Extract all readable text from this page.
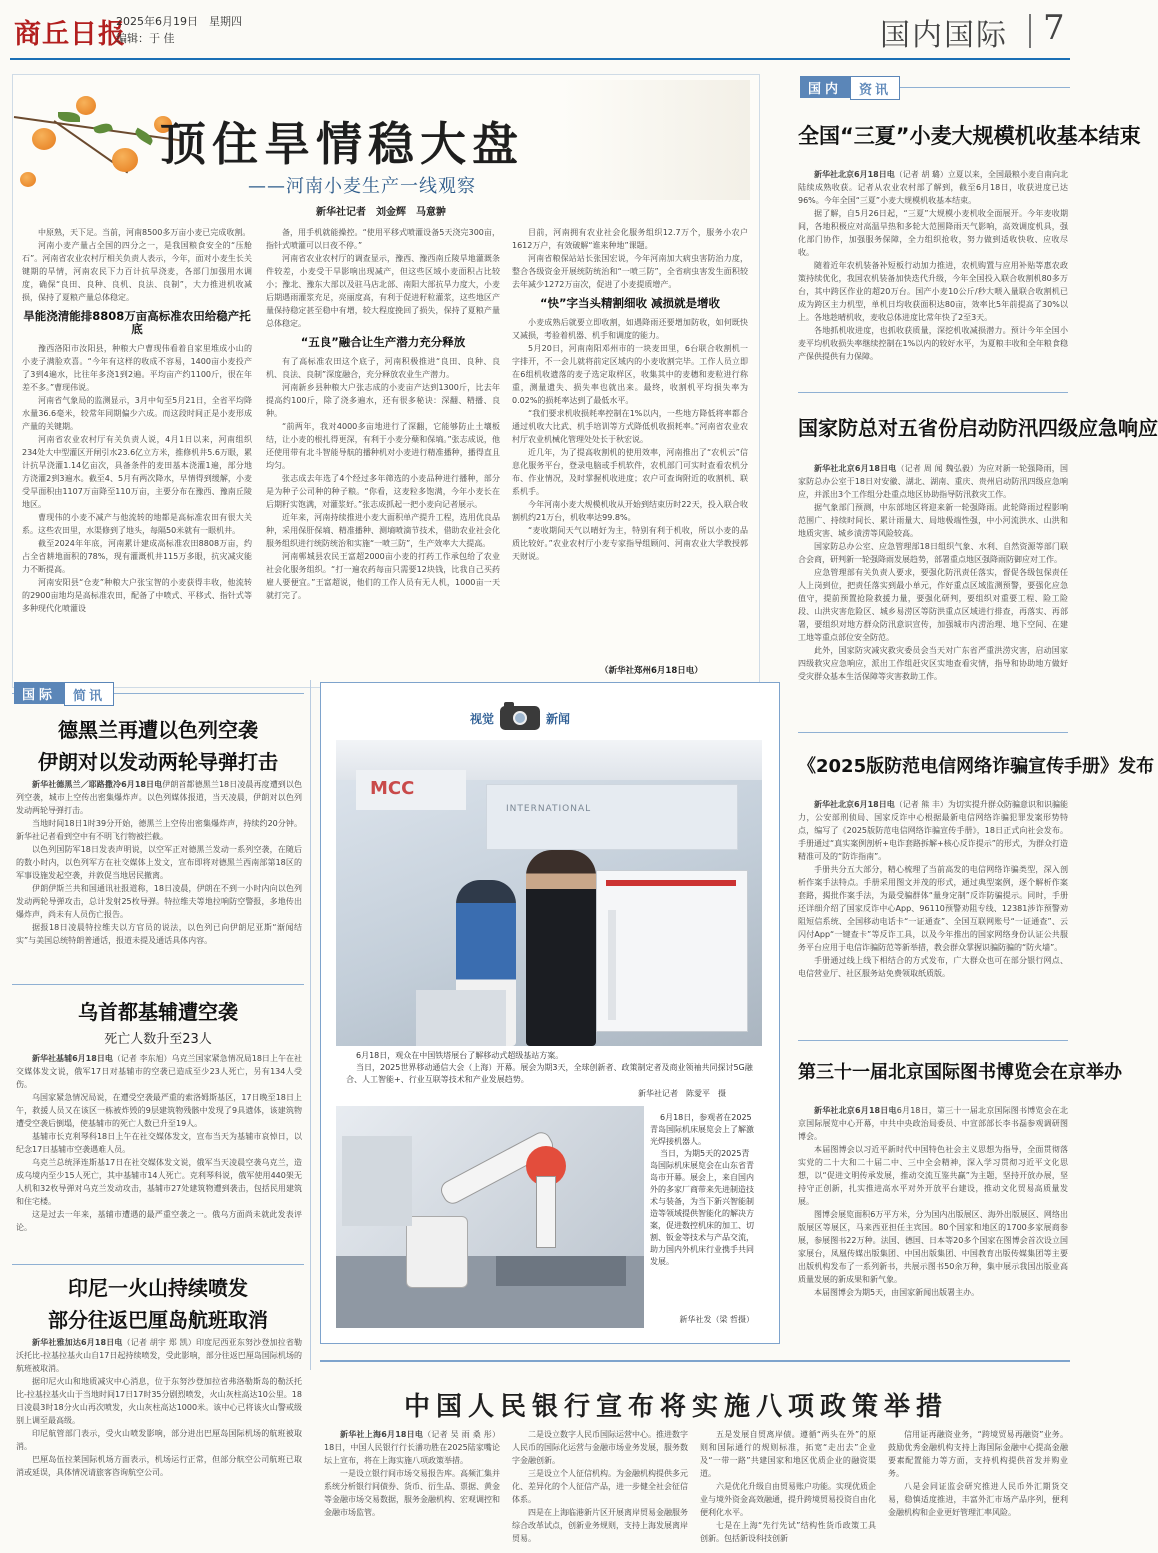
商丘日报
2025年6月19日　星期四
编辑：于 佳	国内国际 7
顶住旱情稳大盘
——河南小麦生产一线观察
新华社记者　刘金辉　马意翀

中原熟，天下足。当前，河南8500多万亩小麦已完成收割。

河南小麦产量占全国的四分之一，是我国粮食安全的“压舱石”。河南省农业农村厅相关负责人表示，今年，面对小麦生长关键期的旱情，河南农民下力百计抗旱浇麦，各部门加强用水调度，确保“良田、良种、良机、良法、良制”，大力推进机收减损，保持了夏粮产量总体稳定。

旱能浇清能排8808万亩高标准农田给稳产托底

豫西洛阳市汝阳县，种粮大户曹现伟看着自家里堆成小山的小麦子满脸欢喜。“今年有这样的收成不容易，1400亩小麦投产了3到4遍水，比往年多浇1到2遍。平均亩产约1100斤，很在年差不多。”曹现伟说。

河南省气象局的监测显示，3月中旬至5月21日，全省平均降水量36.6毫米，较常年同期偏少六成。而这段时间正是小麦形成产量的关键期。

河南省农业农村厅有关负责人说，4月1日以来，河南组织234处大中型灌区开闸引水23.6亿立方米，推修机井5.6万眼，累计抗旱浇灌1.14亿亩次，具备条件的麦田基本浇灌1遍，部分地方浇灌2到3遍水。截至4、5月有两次降水，早情得到缓解，小麦受旱面积由1107万亩降至110万亩，主要分布在豫西、豫南丘陵地区。

曹现伟的小麦不减产与他流转的地都是高标准农田有很大关系。这些农田里，水渠修到了地头，每隔50米就有一眼机井。

截至2024年年底，河南累计建成高标准农田8808万亩，约占全省耕地面积的78%，现有灌溉机井115万多眼，抗灾减灾能力不断提高。

河南安阳县“仓麦”种粮大户张宝智的小麦获得丰收，他流转的2900亩地均是高标准农田，配备了中喷式、平移式、指针式等多种现代化喷灌设

备，用手机就能操控。“使用平移式喷灌设备5天浇完300亩，指针式喷灌可以日夜不停。”

河南省农业农村厅的调查显示，豫西、豫西南丘陵旱地灌溉条件较差，小麦受干旱影响出现减产，但这些区域小麦面积占比较小；豫北、豫东大部以及驻马店北部、南阳大部抗旱力度大，小麦后期遇雨灌浆充足，亮丽度高，有利于促进籽粒灌浆，这些地区产量保持稳定甚至稳中有增，较大程度挽回了损失，保持了夏粮产量总体稳定。

“五良”融合让生产潜力充分释放

有了高标准农田这个底子，河南积极推进“良田、良种、良机、良法、良制”深度融合，充分释放农业生产潜力。

河南新乡县种粮大户张志成的小麦亩产达到1300斤，比去年提高约100斤，除了浇多遍水，还有很多秘诀：深翻、精播、良种。

“前两年，我对4000多亩地进行了深翻，它能够防止土壤板结，让小麦的根扎得更深，有利于小麦分蘖和保墒。”张志成说，他还使用带有北斗智能导航的播种机对小麦进行精准播种，播得直且均匀。

张志成去年选了4个经过多年筛选的小麦品种进行播种，部分是为种子公司种的种子粮。“你看，这麦粒多饱满，今年小麦长在后期籽实饱满，对灌浆好。”张志成抓起一把小麦向记者展示。

近年来，河南持续推进小麦大面积单产提升工程，选用优良品种，采用保肝保墒、精准播种、测墒喷滴节技术，借助农业社会化服务组织进行统防统治和实施“一喷三防”，生产效率大大提高。

河南郸城县农民王富超2000亩小麦的打药工作承包给了农业社会化服务组织。“打一遍农药每亩只需要12块钱，比我自己买药雇人要便宜。”王富超说，他们的工作人员有无人机，1000亩一天就打完了。

目前，河南拥有农业社会化服务组织12.7万个，服务小农户1612万户，有效破解“谁来种地”课题。

河南省粮保站站长张国宏说，今年河南加大病虫害防治力度，整合各级资金开展统防统治和“一喷三防”，全省病虫害发生面积较去年减少1272万亩次，促进了小麦提质增产。

“快”字当头精割细收 减损就是增收

小麦成熟后就要立即收割，如遇降雨还要增加防收，如何既快又减损，考验着机器、机手和调度的能力。

5月20日，河南南阳邓州市的一块麦田里，6台联合收割机一字排开，不一会儿就将前定区域内的小麦收割完毕。工作人员立即在6组机收遗落的麦子选定取样区，收集其中的麦穗和麦粒进行称重，测量遗失、损失率也就出来。最终，收割机平均损失率为0.02%的损耗率达到了最低水平。

“我们要求机收损耗率控制在1%以内，一些地方降低将率都合通过机收大比武、机手培训等方式降低机收损耗率。”河南省农业农村厅农业机械化管理处处长于秋宏说。

近几年，为了提高收割机的使用效率，河南推出了“农机云”信息化服务平台，登录电脑或手机软件，农机部门可实时查看农机分布、作业情况，及时掌握机收进度；农户可查询附近的收割机、联系机手。

今年河南小麦大规模机收从开始到结束历时22天，投入联合收割机约21万台，机收率达99.8%。

“麦收期间天气以晴好为主，特别有利于机收，所以小麦的品质比较好。”农业农村厅小麦专家指导组顾问、河南农业大学教授郭天财说。

（新华社郑州6月18日电）
国内	资讯
全国“三夏”小麦大规模机收基本结束

新华社北京6月18日电（记者 胡 璐）立夏以来，全国最粮小麦自南向北陆续成熟收获。记者从农业农村部了解到，截至6月18日，收获进度已达96%。今年全国“三夏”小麦大规模机收基本结束。

据了解，自5月26日起，“三夏”大规模小麦机收全面展开。今年麦收期间，各地积极应对高温旱热和多轮大范围降雨天气影响，高效调度机具，强化部门协作，加强服务保障，全力组织抢收，努力做到适收快收、应收尽收。

随着近年农机装备补短板行动加力推进，农机购置与应用补贴等惠农政策持续优化，我国农机装备加快迭代升级，今年全国投入联合收割机80多万台，其中跨区作业的超20万台。国产小麦10公斤/秒大喂入量联合收割机已成为跨区主力机型，单机日均收获面积达80亩，效率比5年前提高了30%以上。各地趁晴机收，麦收总体进度比常年快了2至3天。

各地抓机收进度，也抓收获质量，深挖机收减损潜力。预计今年全国小麦平均机收损失率继续控制在1%以内的较好水平，为夏粮丰收和全年粮食稳产保供提供有力保障。

国家防总对五省份启动防汛四级应急响应

新华社北京6月18日电（记者 周 闻 魏弘毅）为应对新一轮强降雨，国家防总办公室于18日对安徽、湖北、湖南、重庆、贵州启动防汛四级应急响应，并派出3个工作组分赴重点地区协助指导防汛救灾工作。

据气象部门预测，中东部地区将迎来新一轮强降雨。此轮降雨过程影响范围广、持续时间长、累计雨量大、局地极端性强，中小河流洪水、山洪和地质灾害、城乡渍涝等风险较高。

国家防总办公室、应急管理部18日组织气象、水利、自然资源等部门联合会商，研判新一轮强降雨发展趋势，部署重点地区强降雨防御应对工作。

应急管理部有关负责人要求，要强化防汛责任落实，督促各级包保责任人上岗到位，把责任落实到最小单元，作好重点区域监测预警，要强化应急值守，提前预置抢险救援力量，要强化研判，要组织对重要工程、险工险段、山洪灾害危险区、城乡易涝区等防洪重点区域进行排查，再落实、再部署，要组织对地方群众防汛意识宣传，加强城市内涝治理、地下空间、在建工地等重点部位安全防范。

此外，国家防灾减灾救灾委员会当天对广东省严重洪涝灾害，启动国家四级救灾应急响应，派出工作组赶灾区实地查看灾情，指导和协助地方做好受灾群众基本生活保障等灾害救助工作。

《2025版防范电信网络诈骗宣传手册》发布

新华社北京6月18日电（记者 熊 丰）为切实提升群众防骗意识和识骗能力，公安部刑侦局、国家反诈中心根据最新电信网络诈骗犯罪发案形势特点，编写了《2025版防范电信网络诈骗宣传手册》，18日正式向社会发布。手册通过“真实案例剖析+电诈套路拆解+核心反诈提示”的形式，为群众打造精准可及的“防诈指南”。

手册共分五大部分，精心梳理了当前高发的电信网络诈骗类型，深入剖析作案手法特点。手册采用图文并茂的形式，通过典型案例，逐个解析作案套路，揭批作案手法，为最受骗群体“量身定制”反诈防骗提示。同时，手册还详细介绍了国家反诈中心App、96110预警劝阻专线、12381涉诈预警劝阻短信系统、全国移动电话卡“一证通查”、全国互联网账号“一证通查”、云闪付App“一键查卡”等反诈工具，以及今年推出的国家网络身份认证公共服务平台应用于电信诈骗防范等新举措，教会群众掌握识骗防骗的“防火墙”。

手册通过线上线下相结合的方式发布，广大群众也可在部分银行网点、电信营业厅、社区服务站免费领取纸质版。

第三十一届北京国际图书博览会在京举办

新华社北京6月18日电6月18日，第三十一届北京国际图书博览会在北京国际展览中心开幕，中共中央政治局委员、中宣部部长李书磊参观调研图博会。

本届图博会以习近平新时代中国特色社会主义思想为指导，全面贯彻落实党的二十大和二十届二中、三中全会精神，深入学习贯彻习近平文化思想，以“促进文明传承发展，推动交流互鉴共赢”为主题，坚持开放办展，坚持守正创新，扎实推进高水平对外开放平台建设，推动文化贸易高质量发展。

图博会展览面积6万平方米，分为国内出版展区、海外出版展区、网络出版展区等展区，马来西亚担任主宾国。80个国家和地区的1700多家展商参展，参展图书22万种。法国、德国、日本等20多个国家在图博会首次设立国家展台，凤凰传媒出版集团、中国出版集团、中国教育出版传媒集团等主要出版机构发布了一系列新书，共展示图书50余万种，集中展示我国出版业高质量发展的新成果和新气象。

本届图博会为期5天，由国家新闻出版署主办。

国际	简讯
德黑兰再遭以色列空袭
伊朗对以发动两轮导弹打击

新华社德黑兰／耶路撒冷6月18日电伊朗首都德黑兰18日凌晨再度遭到以色列空袭，城市上空传出密集爆炸声。以色列媒体报道，当天凌晨，伊朗对以色列发动两轮导弹打击。

当地时间18日1时39分开始，德黑兰上空传出密集爆炸声，持续约20分钟。新华社记者看到空中有不明飞行物被拦截。

以色列国防军18日发表声明说，以空军正对德黑兰发动一系列空袭，在随后的数小时内，以色列军方在社交媒体上发文，宣布即将对德黑兰西南部第18区的军事设施发起空袭，并敦促当地居民撤离。

伊朗伊斯兰共和国通讯社报道称，18日凌晨，伊朗在不到一小时内向以色列发动两轮导弹攻击，总计发射25枚导弹。特拉维夫等地拉响防空警报，多地传出爆炸声，尚未有人员伤亡报告。

据报18日凌晨特拉维夫以方官员的说法，以色列已向伊朗尼亚斯“渐闻结实”与美国总统特朗普通话，报道未提及通话具体内容。

乌首都基辅遭空袭
死亡人数升至23人

新华社基辅6月18日电（记者 李东旭）乌克兰国家紧急情况局18日上午在社交媒体发文说，俄军17日对基辅市的空袭已造成至少23人死亡，另有134人受伤。

乌国家紧急情况局说，在遭受空袭最严重的索洛姆斯基区，17日晚至18日上午，救援人员又在该区一栋被炸毁的9层建筑物残骸中发现了9具遗体，该建筑物遭受空袭后倒塌，使基辅市的死亡人数已升至19人。

基辅市长克利琴科18日上午在社交媒体发文，宣布当天为基辅市哀悼日，以纪念17日基辅市空袭遇难人员。

乌克兰总统泽连斯基17日在社交媒体发文说，俄军当天凌晨空袭乌克兰，造成乌境内至少15人死亡，其中基辅市14人死亡。克利琴科说，俄军使用440架无人机和32枚导弹对乌克兰发动攻击，基辅市27处建筑物遭到袭击，包括民用建筑和住宅楼。

这是过去一年来，基辅市遭遇的最严重空袭之一。俄乌方面尚未就此发表评论。

印尼一火山持续喷发
部分往返巴厘岛航班取消

新华社雅加达6月18日电（记者 胡宇 郑 凯）印度尼西亚东努沙登加拉省勒沃托比-拉基拉基火山自17日起持续喷发，受此影响，部分往返巴厘岛国际机场的航班被取消。

据印尼火山和地质减灾中心消息，位于东努沙登加拉省弗洛勒斯岛的勒沃托比-拉基拉基火山于当地时间17日17时35分剧烈喷发，火山灰柱高达10公里。18日凌晨3时18分火山再次喷发，火山灰柱高达1000米。该中心已将该火山警戒级别上调至最高级。

印尼航管部门表示，受火山喷发影响，部分进出巴厘岛国际机场的航班被取消。

巴厘岛伍拉莱国际机场方面表示，机场运行正常，但部分航空公司航班已取消或延误，具体情况请旅客咨询航空公司。

视觉	新闻
MCC
INTERNATIONAL
6月18日，观众在中国铁塔展台了解移动式超级基站方案。
当日，2025世界移动通信大会（上海）开幕。展会为期3天，全球创新者、政策制定者及商业领袖共同探讨5G融合、人工智能+、行业互联等技术和产业发展趋势。
新华社记者　陈愛平　摄
6月18日，参观者在2025青岛国际机床展览会上了解激光焊接机器人。
当日，为期5天的2025青岛国际机床展览会在山东省青岛市开幕。展会上，来自国内外的多家厂商带来先进制造技术与装备，为当下新兴智能制造等领域提供智能化的解决方案，促进数控机床的加工、切割、钣金等技术与产品交流，助力国内外机床行业携手共同发展。
新华社发（梁 哲摄）
中国人民银行宣布将实施八项政策举措

新华社上海6月18日电（记者 吴 雨 桑 彤）18日，中国人民银行行长潘功胜在2025陆家嘴论坛上宣布，将在上海实施八项政策举措。

一是设立银行间市场交易报告库。高频汇集并系统分析银行间债券、货币、衍生品、票据、黄金等金融市场交易数据，服务金融机构、宏观调控和金融市场监管。

二是设立数字人民币国际运营中心。推进数字人民币的国际化运营与金融市场业务发展，服务数字金融创新。

三是设立个人征信机构。为金融机构提供多元化、差异化的个人征信产品，进一步健全社会征信体系。

四是在上海临港新片区开展离岸贸易金融服务综合改革试点，创新业务规则，支持上海发展离岸贸易。

五是发展自贸离岸债。遵循“两头在外”的原则和国际通行的规则标准，拓宽“走出去”企业及“一带一路”共建国家和地区优质企业的融资渠道。

六是优化升级自由贸易账户功能。实现优质企业与境外资金高效融通，提升跨境贸易投资自由化便利化水平。

七是在上海“先行先试”结构性货币政策工具创新。包括新设科技创新

信用证再融资业务，“跨境贸易再融资”业务。鼓励优秀金融机构支持上海国际金融中心提高金融要素配置能力等方面，支持机构提供首发并购业务。

八是会同证监会研究推进人民币外汇期货交易，稳慎适度推进，丰富外汇市场产品序列，便利金融机构和企业更好管理汇率风险。
